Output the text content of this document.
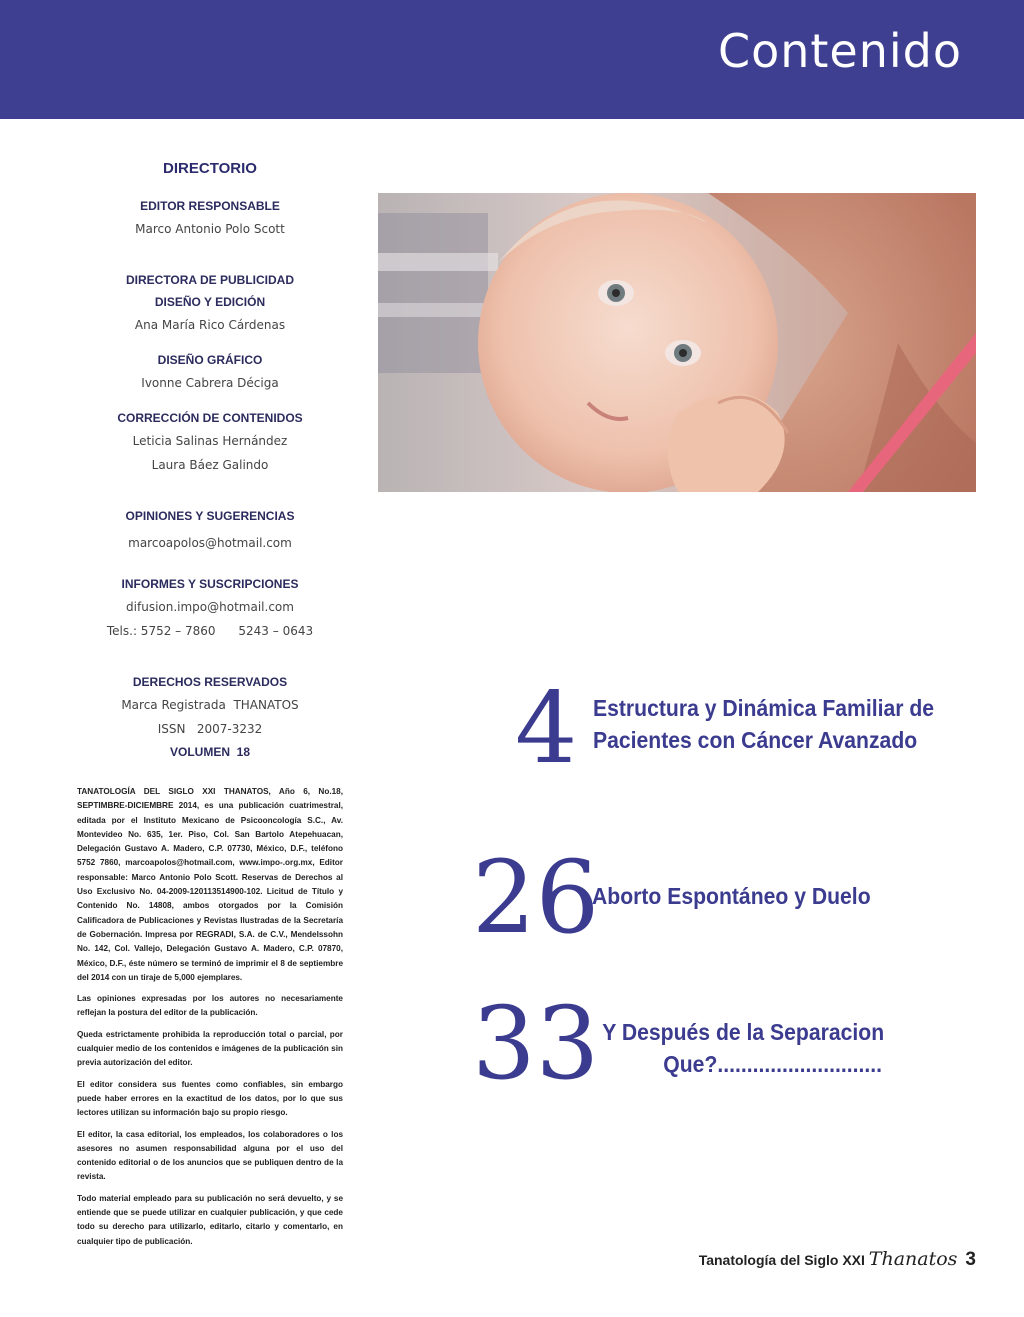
Contenido
DIRECTORIO

EDITOR RESPONSABLE

Marco Antonio Polo Scott

DIRECTORA DE PUBLICIDAD

DISEÑO Y EDICIÓN

Ana María Rico Cárdenas

DISEÑO GRÁFICO

Ivonne Cabrera Déciga

CORRECCIÓN DE CONTENIDOS

Leticia Salinas Hernández

Laura Báez Galindo

OPINIONES Y SUGERENCIAS

marcoapolos@hotmail.com

INFORMES Y SUSCRIPCIONES

difusion.impo@hotmail.com

Tels.: 5752 – 7860      5243 – 0643

DERECHOS RESERVADOS

Marca Registrada  THANATOS

ISSN   2007-3232

VOLUMEN  18

TANATOLOGÍA DEL SIGLO XXI THANATOS, Año 6, No.18, SEPTIMBRE-DICIEMBRE 2014, es una publicación cuatrimestral, editada por el Instituto Mexicano de Psicooncología S.C., Av. Montevideo No. 635, 1er. Piso, Col. San Bartolo Atepehuacan, Delegación Gustavo A. Madero, C.P. 07730, México, D.F., teléfono 5752 7860, marcoapolos@hotmail.com, www.impo-.org.mx, Editor responsable: Marco Antonio Polo Scott. Reservas de Derechos al Uso Exclusivo No. 04-2009-120113514900-102. Licitud de Título y Contenido No. 14808, ambos otorgados por la Comisión Calificadora de Publicaciones y Revistas Ilustradas de la Secretaría de Gobernación. Impresa por REGRADI, S.A. de C.V., Mendelssohn No. 142, Col. Vallejo, Delegación Gustavo A. Madero, C.P. 07870, México, D.F., éste número se terminó de imprimir el 8 de septiembre del 2014 con un tiraje de 5,000 ejemplares.

Las opiniones expresadas por los autores no necesariamente reflejan la postura del editor de la publicación.

Queda estrictamente prohibida la reproducción total o parcial, por cualquier medio de los contenidos e imágenes de la publicación sin previa autorización del editor.

El editor considera sus fuentes como confiables, sin embargo puede haber errores en la exactitud de los datos, por lo que sus lectores utilizan su información bajo su propio riesgo.

El editor, la casa editorial, los empleados, los colaboradores o los asesores no asumen responsabilidad alguna por el uso del contenido editorial o de los anuncios que se publiquen dentro de la revista.

Todo material empleado para su publicación no será devuelto, y se entiende que se puede utilizar en cualquier publicación, y que cede todo su derecho para utilizarlo, editarlo, citarlo y comentarlo, en cualquier tipo de publicación.

4 Estructura y Dinámica Familiar de
Pacientes con Cáncer Avanzado
26
Aborto Espontáneo y Duelo
33 Y Después de la Separacion
Que?............................
Tanatología del Siglo XXI Thanatos 3
